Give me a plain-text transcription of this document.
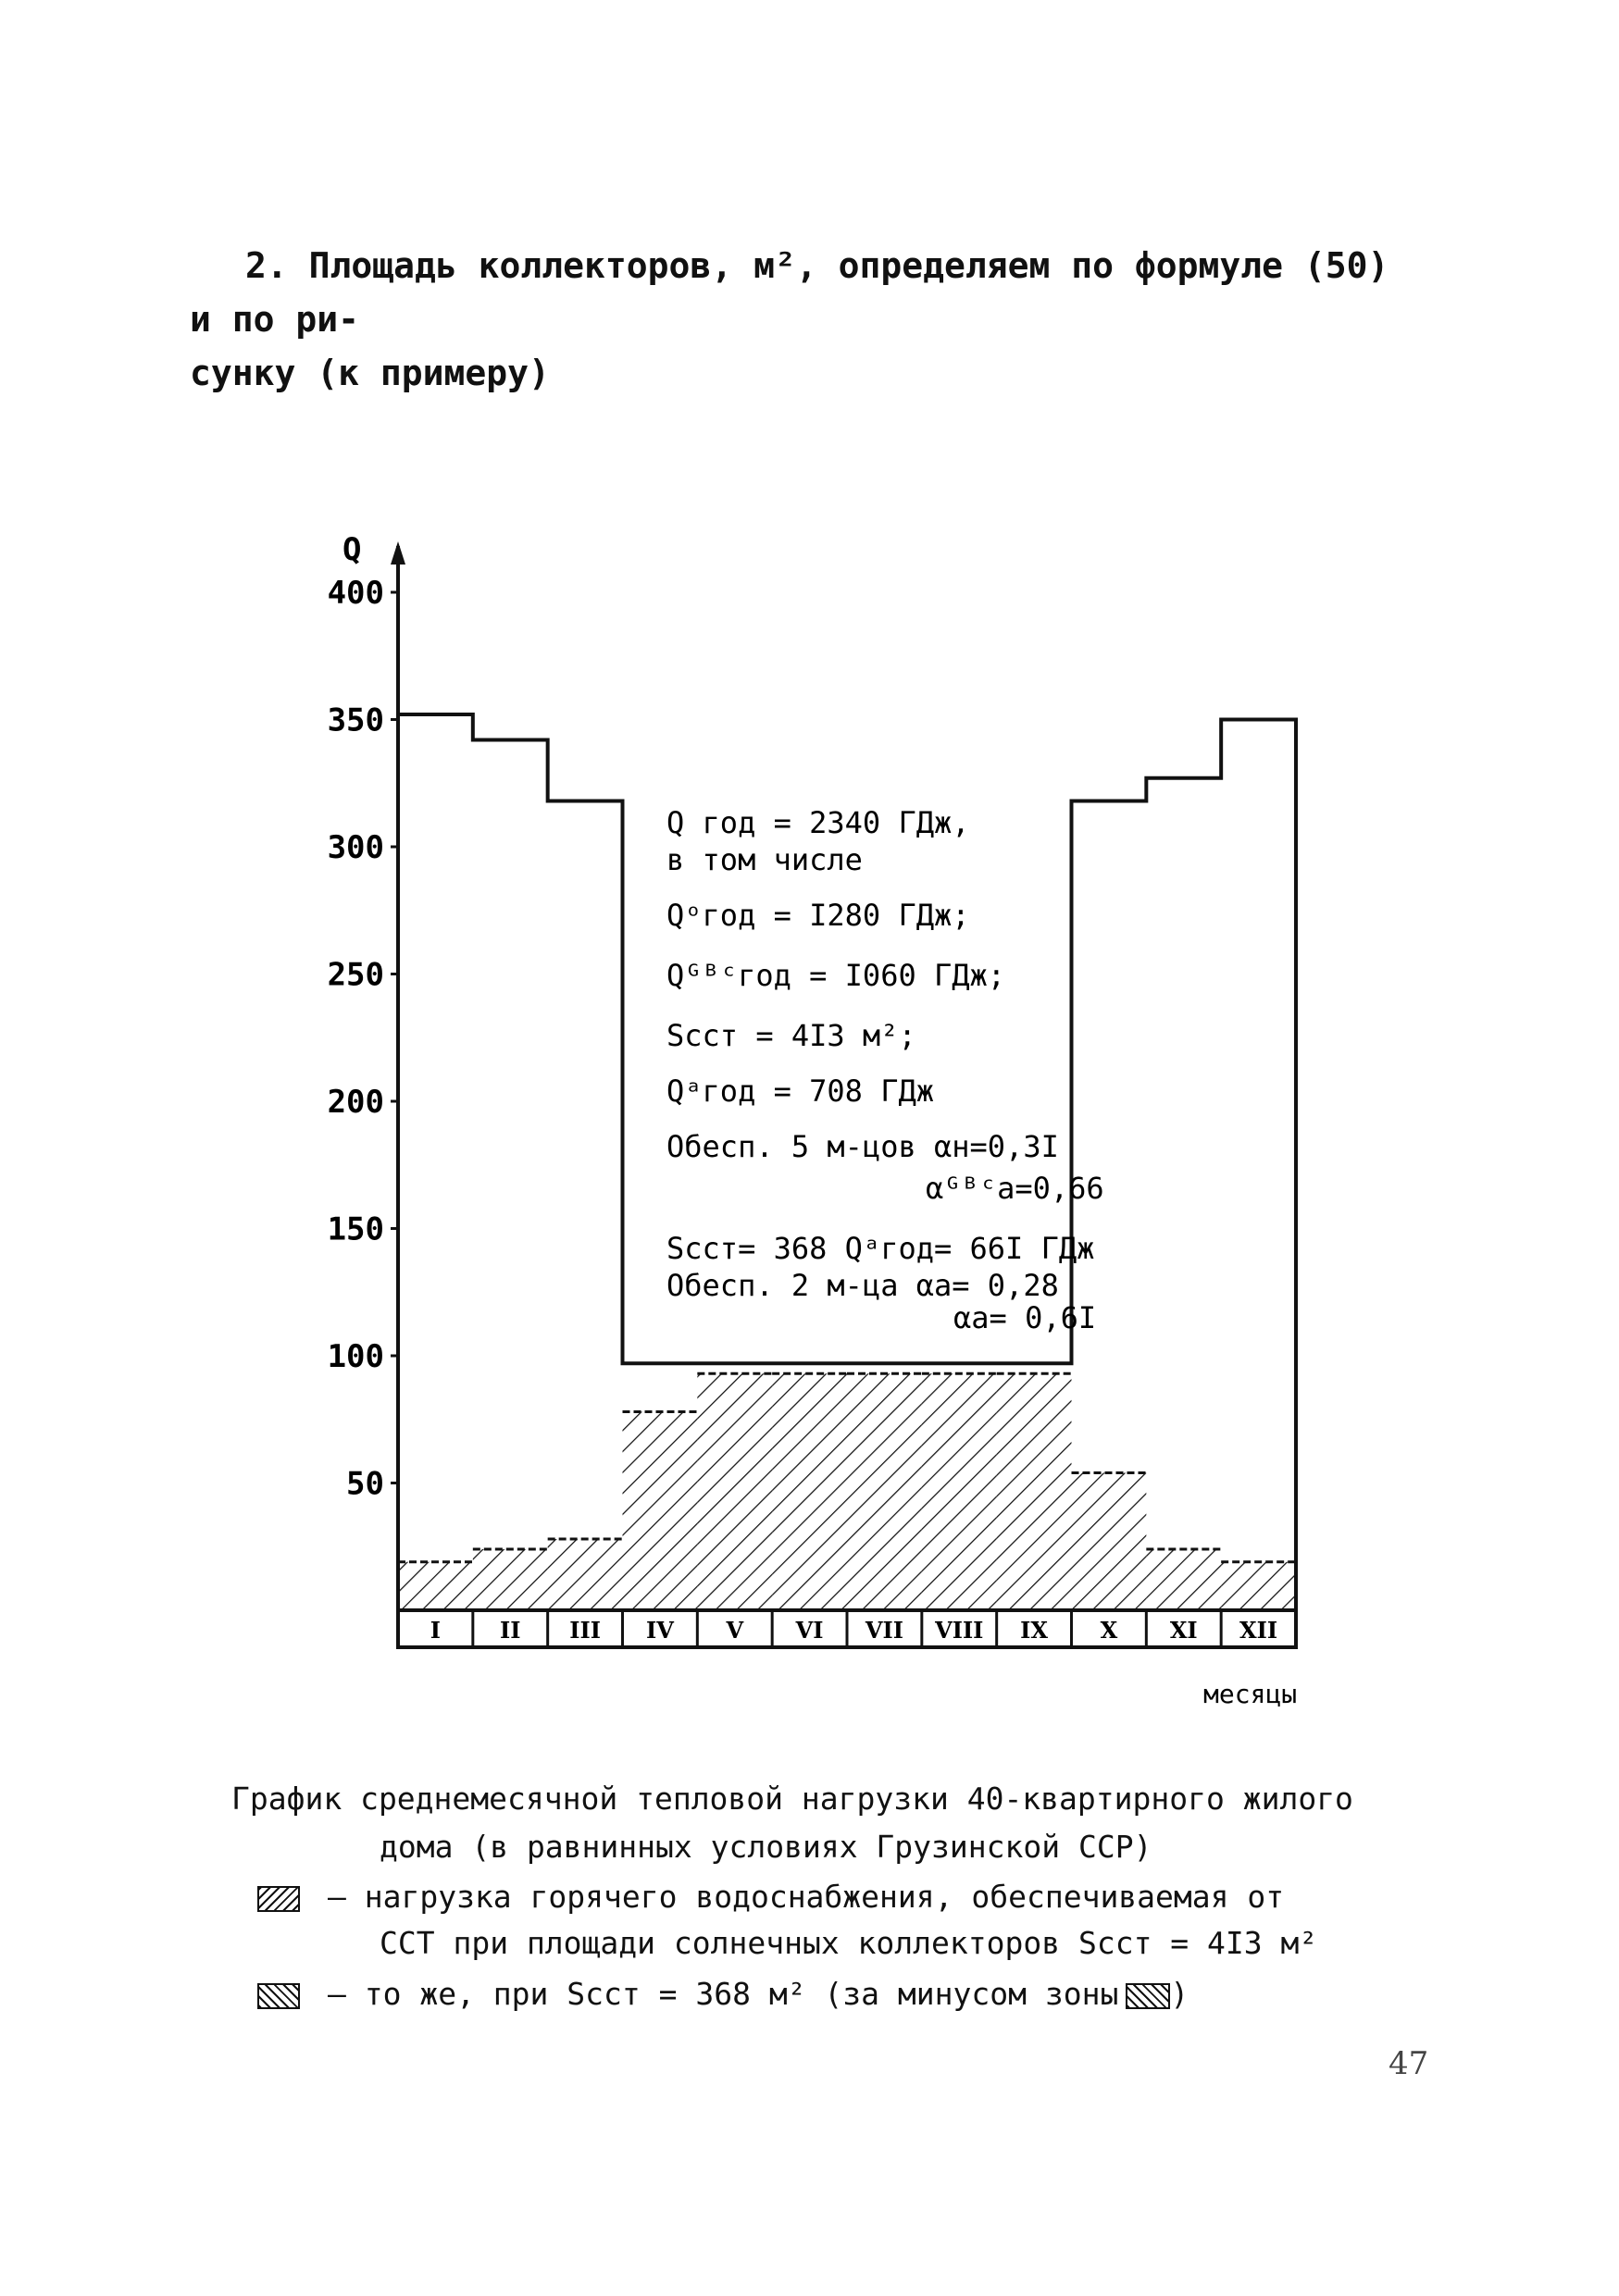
2. Площадь коллекторов, м², определяем по формуле (50) и по ри-
сунку (к примеру)
Q
месяцы
400
350
300
250
200
150
100
50
I	II III IV V VI VII VIII IX X XI XII
Q год = 2340 ГДж,
в том числе
Qᵒгод = I280 ГДж;
Qᴳᴮᶜгод = I060 ГДж;
Sсст = 4I3 м²;
Qᵃгод = 708 ГДж
Обесп. 5 м-цов αн=0,3I
αᴳᴮᶜа=0,66
Sсст= 368 Qᵃгод= 66I ГДж
Обесп. 2 м-ца αа= 0,28
αа= 0,6I
График среднемесячной тепловой нагрузки 40-квартирного жилого
дома (в равнинных условиях Грузинской ССР)
– нагрузка горячего водоснабжения, обеспечиваемая от
ССТ при площади солнечных коллекторов Sсст = 4I3 м²
– то же, при Sсст = 368 м² (за минусом зоны )
47
